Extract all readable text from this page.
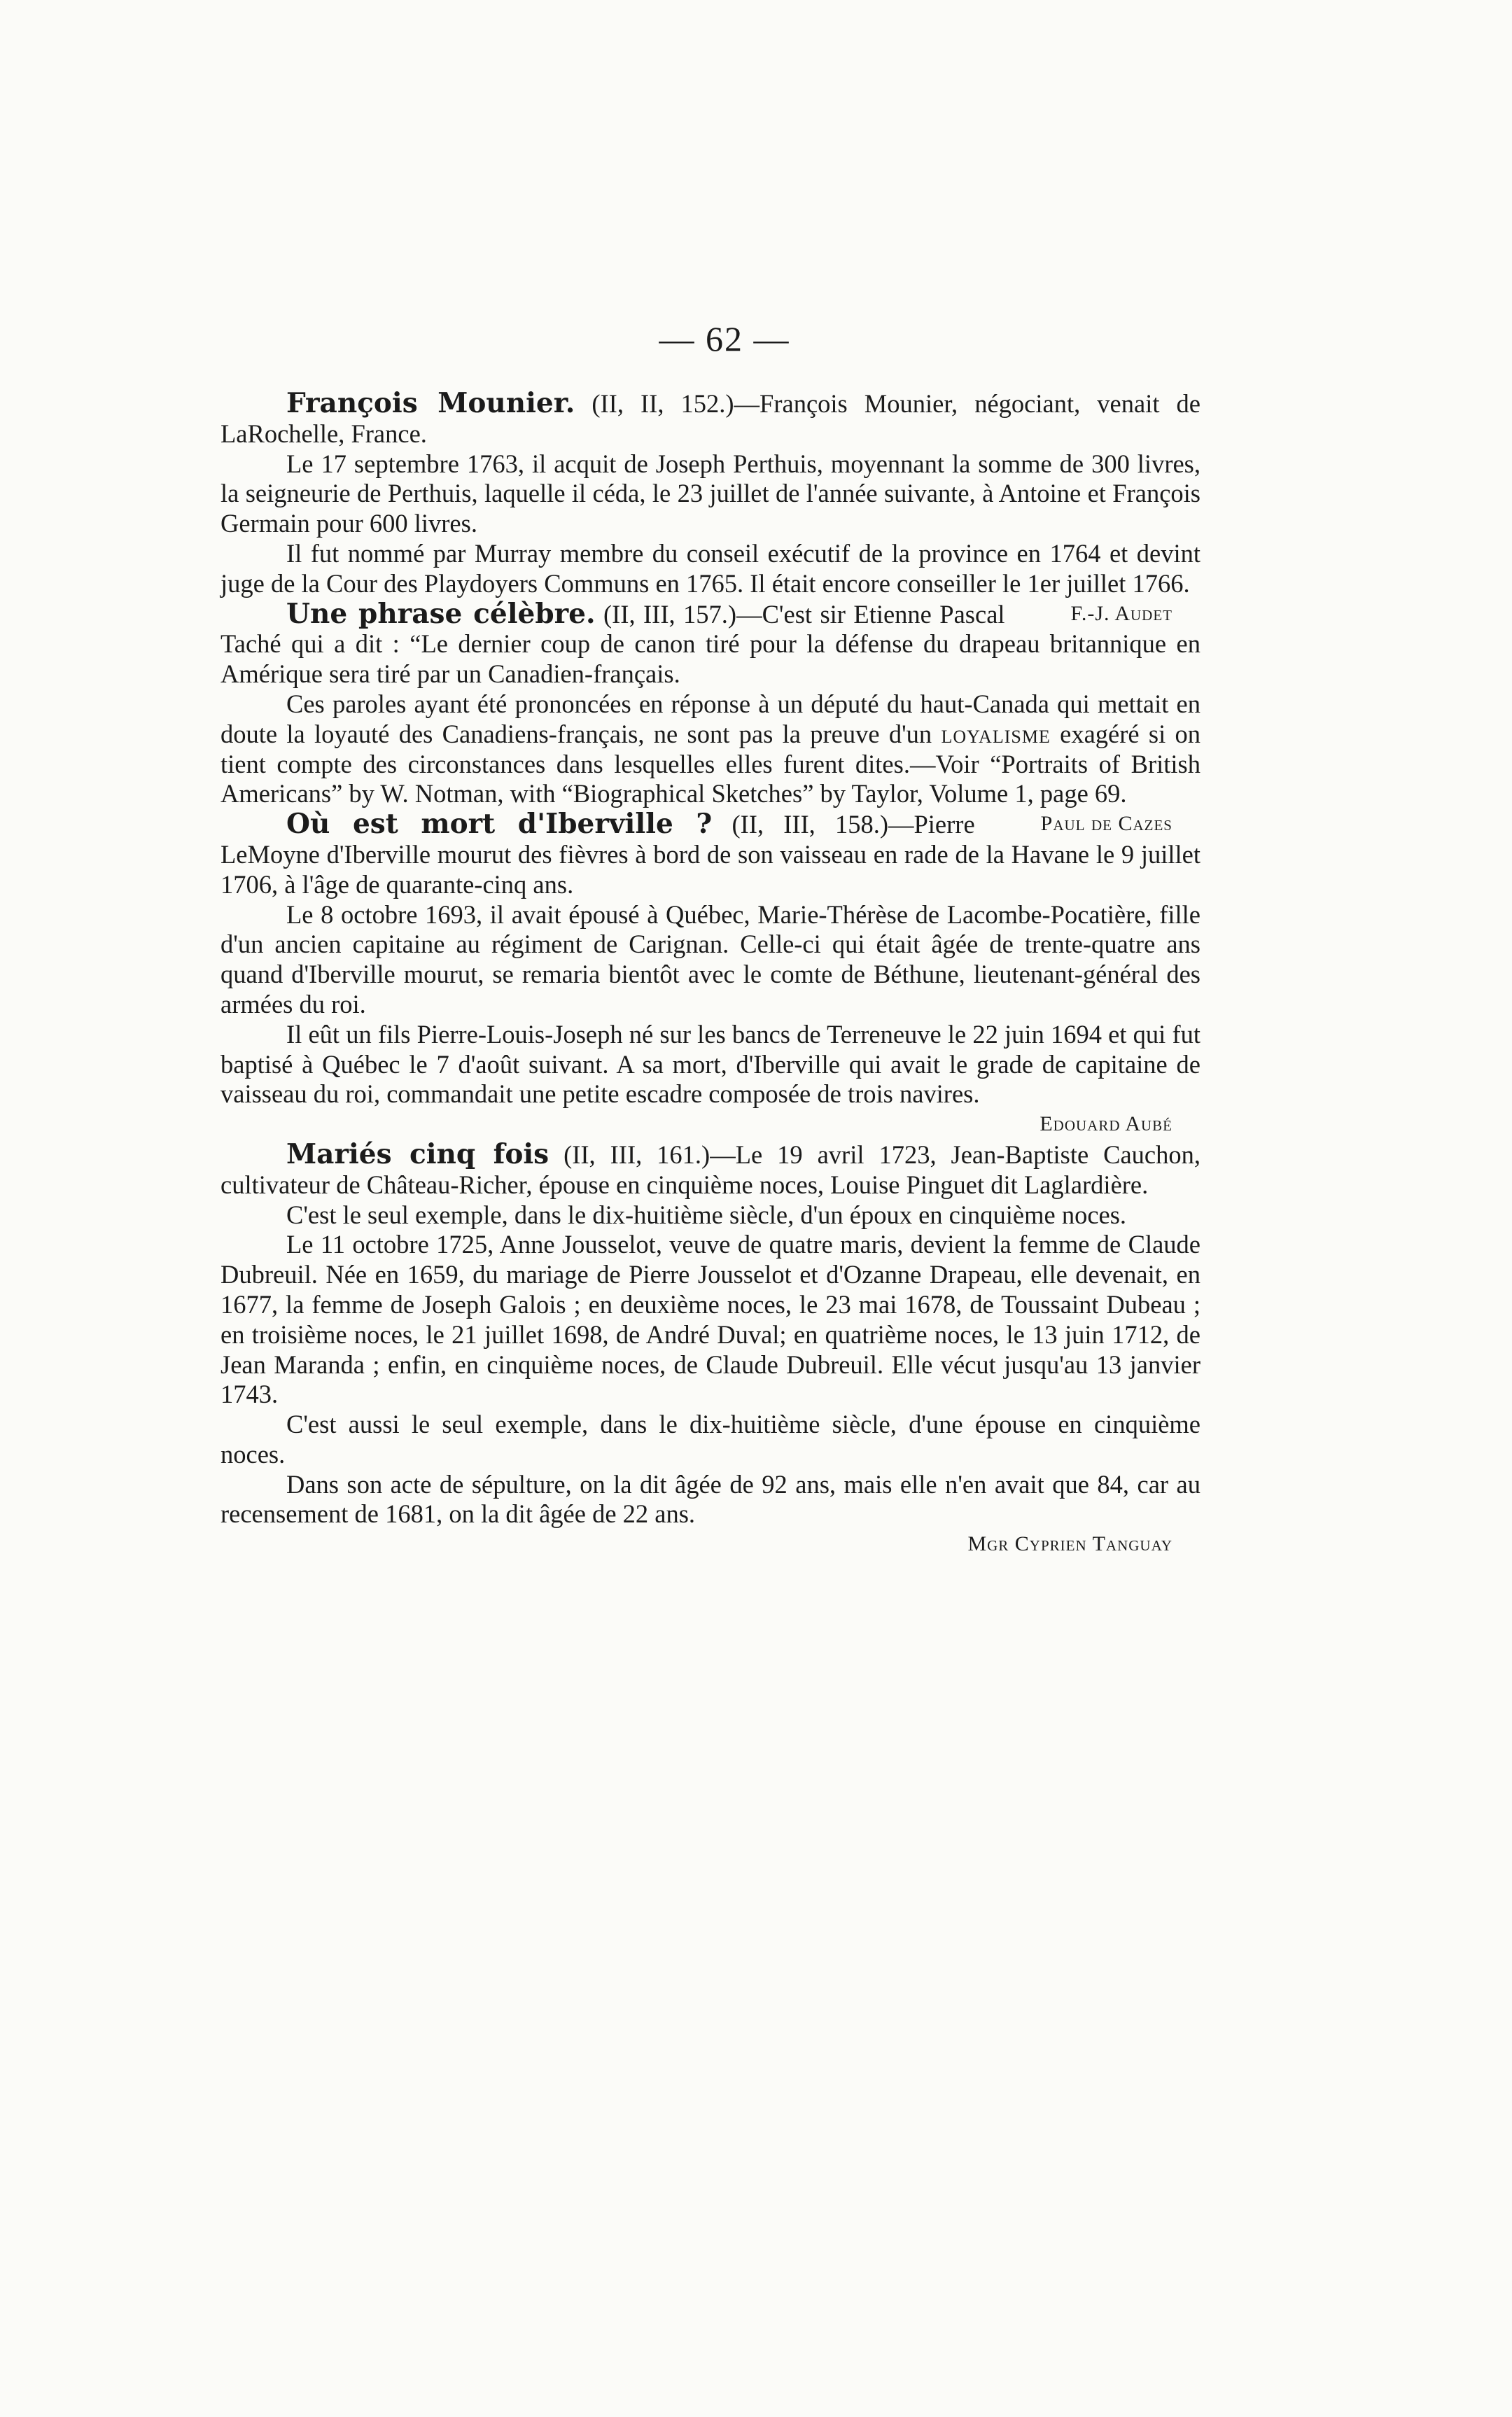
— 62 —

François Mounier. (II, II, 152.)—François Mounier, négociant, venait de LaRochelle, France.

Le 17 septembre 1763, il acquit de Joseph Perthuis, moyennant la somme de 300 livres, la seigneurie de Perthuis, laquelle il céda, le 23 juillet de l'année suivante, à Antoine et François Germain pour 600 livres.

Il fut nommé par Murray membre du conseil exécutif de la province en 1764 et devint juge de la Cour des Playdoyers Communs en 1765. Il était encore conseiller le 1er juillet 1766.
F.-J. Audet

Une phrase célèbre. (II, III, 157.)—C'est sir Etienne Pascal Taché qui a dit : “Le dernier coup de canon tiré pour la défense du drapeau britannique en Amérique sera tiré par un Canadien-français.

Ces paroles ayant été prononcées en réponse à un député du haut-Canada qui mettait en doute la loyauté des Canadiens-français, ne sont pas la preuve d'un loyalisme exagéré si on tient compte des circonstances dans lesquelles elles furent dites.—Voir “Portraits of British Americans” by W. Notman, with “Biographical Sketches” by Taylor, Volume 1, page 69.
Paul de Cazes

Où est mort d'Iberville ? (II, III, 158.)—Pierre LeMoyne d'Iberville mourut des fièvres à bord de son vaisseau en rade de la Havane le 9 juillet 1706, à l'âge de quarante-cinq ans.

Le 8 octobre 1693, il avait épousé à Québec, Marie-Thérèse de Lacombe-Pocatière, fille d'un ancien capitaine au régiment de Carignan. Celle-ci qui était âgée de trente-quatre ans quand d'Iberville mourut, se remaria bientôt avec le comte de Béthune, lieutenant-général des armées du roi.

Il eût un fils Pierre-Louis-Joseph né sur les bancs de Terreneuve le 22 juin 1694 et qui fut baptisé à Québec le 7 d'août suivant. A sa mort, d'Iberville qui avait le grade de capitaine de vaisseau du roi, commandait une petite escadre composée de trois navires.

Edouard Aubé

Mariés cinq fois (II, III, 161.)—Le 19 avril 1723, Jean-Baptiste Cauchon, cultivateur de Château-Richer, épouse en cinquième noces, Louise Pinguet dit Laglardière.

C'est le seul exemple, dans le dix-huitième siècle, d'un époux en cinquième noces.

Le 11 octobre 1725, Anne Jousselot, veuve de quatre maris, devient la femme de Claude Dubreuil. Née en 1659, du mariage de Pierre Jousselot et d'Ozanne Drapeau, elle devenait, en 1677, la femme de Joseph Galois ; en deuxième noces, le 23 mai 1678, de Toussaint Dubeau ; en troisième noces, le 21 juillet 1698, de André Duval; en quatrième noces, le 13 juin 1712, de Jean Maranda ; enfin, en cinquième noces, de Claude Dubreuil. Elle vécut jusqu'au 13 janvier 1743.

C'est aussi le seul exemple, dans le dix-huitième siècle, d'une épouse en cinquième noces.

Dans son acte de sépulture, on la dit âgée de 92 ans, mais elle n'en avait que 84, car au recensement de 1681, on la dit âgée de 22 ans.

Mgr Cyprien Tanguay
